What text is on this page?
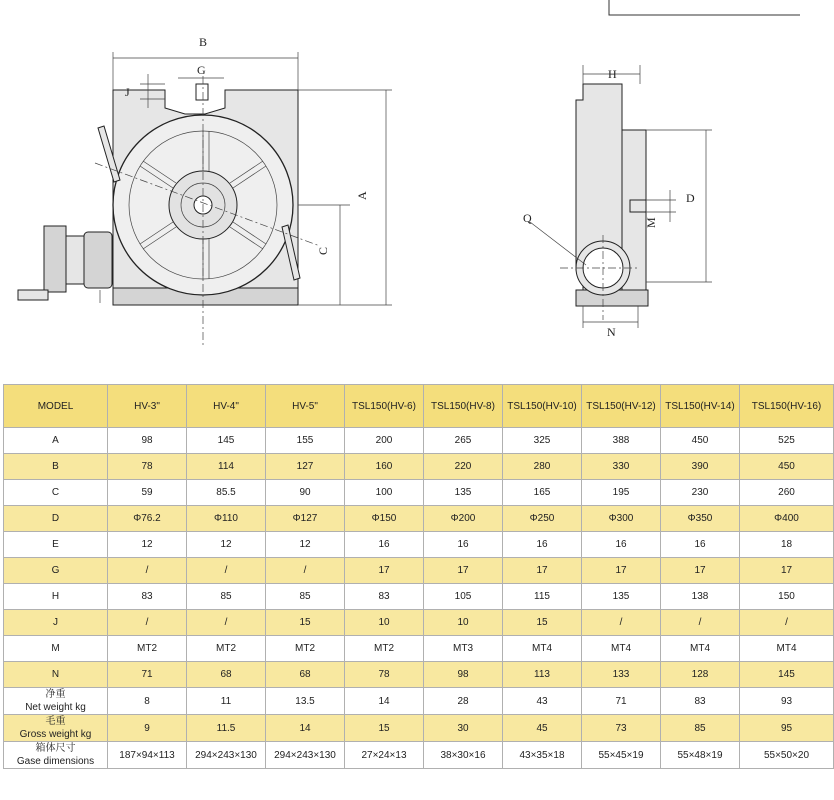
B
G
J
A
C
H
Q
D
M
N
MODEL	HV-3"	HV-4"	HV-5"	TSL150(HV-6)	TSL150(HV-8)	TSL150(HV-10)	TSL150(HV-12)	TSL150(HV-14)	TSL150(HV-16)
A	98	145	155	200	265	325	388	450	525
B	78	114	127	160	220	280	330	390	450
C	59	85.5	90	100	135	165	195	230	260
D	Φ76.2	Φ110	Φ127	Φ150	Φ200	Φ250	Φ300	Φ350	Φ400
E	12	12	12	16	16	16	16	16	18
G	/	/	/	17	17	17	17	17	17
H	83	85	85	83	105	115	135	138	150
J	/	/	15	10	10	15	/	/	/
M	MT2	MT2	MT2	MT2	MT3	MT4	MT4	MT4	MT4
N	71	68	68	78	98	113	133	128	145

净重
Net weight kg	8	11	13.5	14	28	43	71	83	93

毛重
Gross weight kg	9	11.5	14	15	30	45	73	85	95

箱体尺寸
Gase dimensions	187×94×113	294×243×130	294×243×130	27×24×13	38×30×16	43×35×18	55×45×19	55×48×19	55×50×20
